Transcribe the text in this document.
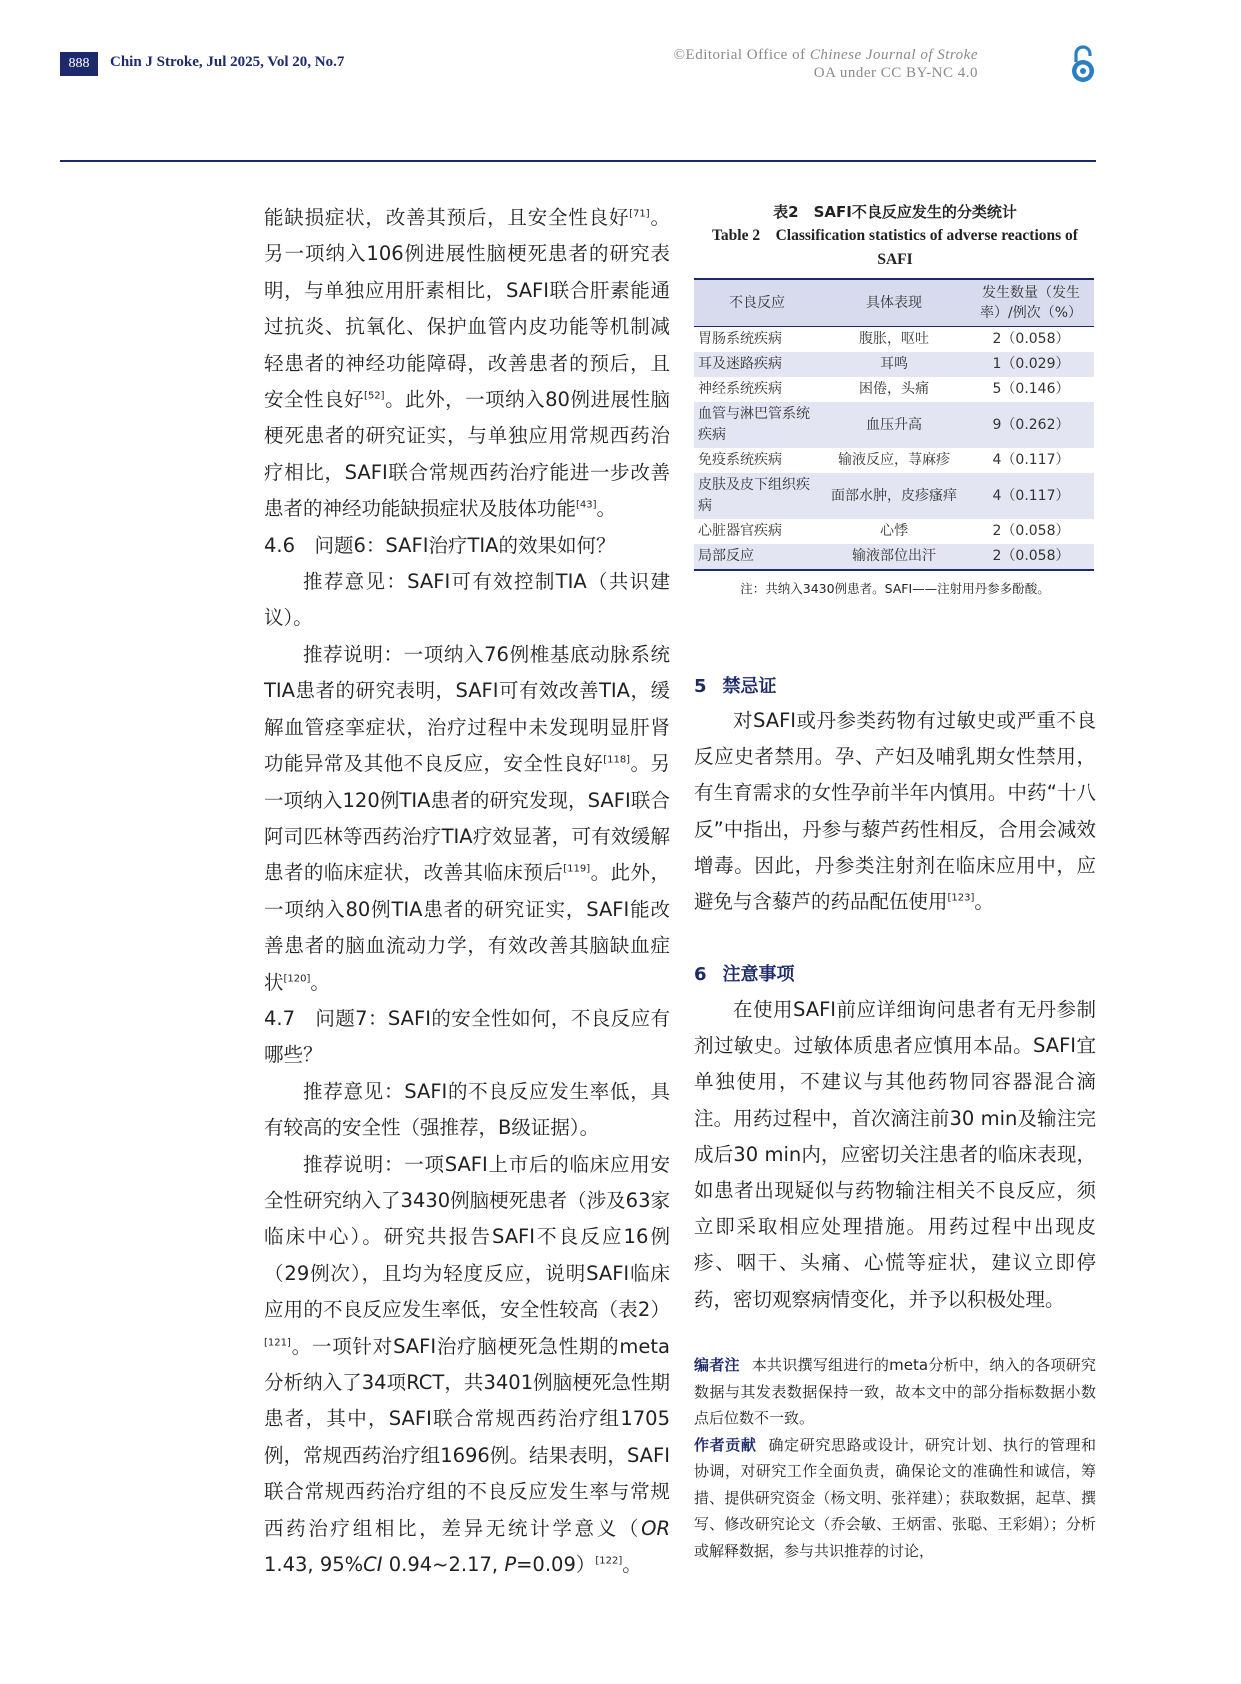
888	Chin J Stroke, Jul 2025, Vol 20, No.7	©Editorial Office of Chinese Journal of Stroke
OA under CC BY-NC 4.0

能缺损症状，改善其预后，且安全性良好[71]。另一项纳入106例进展性脑梗死患者的研究表明，与单独应用肝素相比，SAFI联合肝素能通过抗炎、抗氧化、保护血管内皮功能等机制减轻患者的神经功能障碍，改善患者的预后，且安全性良好[52]。此外，一项纳入80例进展性脑梗死患者的研究证实，与单独应用常规西药治疗相比，SAFI联合常规西药治疗能进一步改善患者的神经功能缺损症状及肢体功能[43]。

4.6　问题6：SAFI治疗TIA的效果如何？

推荐意见：SAFI可有效控制TIA（共识建议）。

推荐说明：一项纳入76例椎基底动脉系统TIA患者的研究表明，SAFI可有效改善TIA，缓解血管痉挛症状，治疗过程中未发现明显肝肾功能异常及其他不良反应，安全性良好[118]。另一项纳入120例TIA患者的研究发现，SAFI联合阿司匹林等西药治疗TIA疗效显著，可有效缓解患者的临床症状，改善其临床预后[119]。此外，一项纳入80例TIA患者的研究证实，SAFI能改善患者的脑血流动力学，有效改善其脑缺血症状[120]。

4.7　问题7：SAFI的安全性如何，不良反应有哪些？

推荐意见：SAFI的不良反应发生率低，具有较高的安全性（强推荐，B级证据）。

推荐说明：一项SAFI上市后的临床应用安全性研究纳入了3430例脑梗死患者（涉及63家临床中心）。研究共报告SAFI不良反应16例（29例次），且均为轻度反应，说明SAFI临床应用的不良反应发生率低，安全性较高（表2）[121]。一项针对SAFI治疗脑梗死急性期的meta分析纳入了34项RCT，共3401例脑梗死急性期患者，其中，SAFI联合常规西药治疗组1705例，常规西药治疗组1696例。结果表明，SAFI联合常规西药治疗组的不良反应发生率与常规西药治疗组相比，差异无统计学意义（OR 1.43, 95%CI 0.94~2.17, P=0.09）[122]。

表2　SAFI不良反应发生的分类统计

Table 2　Classification statistics of adverse reactions of SAFI

不良反应	具体表现	发生数量（发生率）/例次（%）
胃肠系统疾病	腹胀，呕吐	2（0.058）
耳及迷路疾病	耳鸣	1（0.029）
神经系统疾病	困倦，头痛	5（0.146）
血管与淋巴管系统疾病	血压升高	9（0.262）
免疫系统疾病	输液反应，荨麻疹	4（0.117）
皮肤及皮下组织疾病	面部水肿，皮疹瘙痒	4（0.117）
心脏器官疾病	心悸	2（0.058）
局部反应	输液部位出汗	2（0.058）

注：共纳入3430例患者。SAFI——注射用丹参多酚酸。

5 禁忌证

对SAFI或丹参类药物有过敏史或严重不良反应史者禁用。孕、产妇及哺乳期女性禁用，有生育需求的女性孕前半年内慎用。中药“十八反”中指出，丹参与藜芦药性相反，合用会减效增毒。因此，丹参类注射剂在临床应用中，应避免与含藜芦的药品配伍使用[123]。

6 注意事项

在使用SAFI前应详细询问患者有无丹参制剂过敏史。过敏体质患者应慎用本品。SAFI宜单独使用，不建议与其他药物同容器混合滴注。用药过程中，首次滴注前30 min及输注完成后30 min内，应密切关注患者的临床表现，如患者出现疑似与药物输注相关不良反应，须立即采取相应处理措施。用药过程中出现皮疹、咽干、头痛、心慌等症状，建议立即停药，密切观察病情变化，并予以积极处理。

编者注 本共识撰写组进行的meta分析中，纳入的各项研究数据与其发表数据保持一致，故本文中的部分指标数据小数点后位数不一致。

作者贡献 确定研究思路或设计，研究计划、执行的管理和协调，对研究工作全面负责，确保论文的准确性和诚信，筹措、提供研究资金（杨文明、张祥建）；获取数据，起草、撰写、修改研究论文（乔会敏、王炳雷、张聪、王彩娟）；分析或解释数据，参与共识推荐的讨论，
